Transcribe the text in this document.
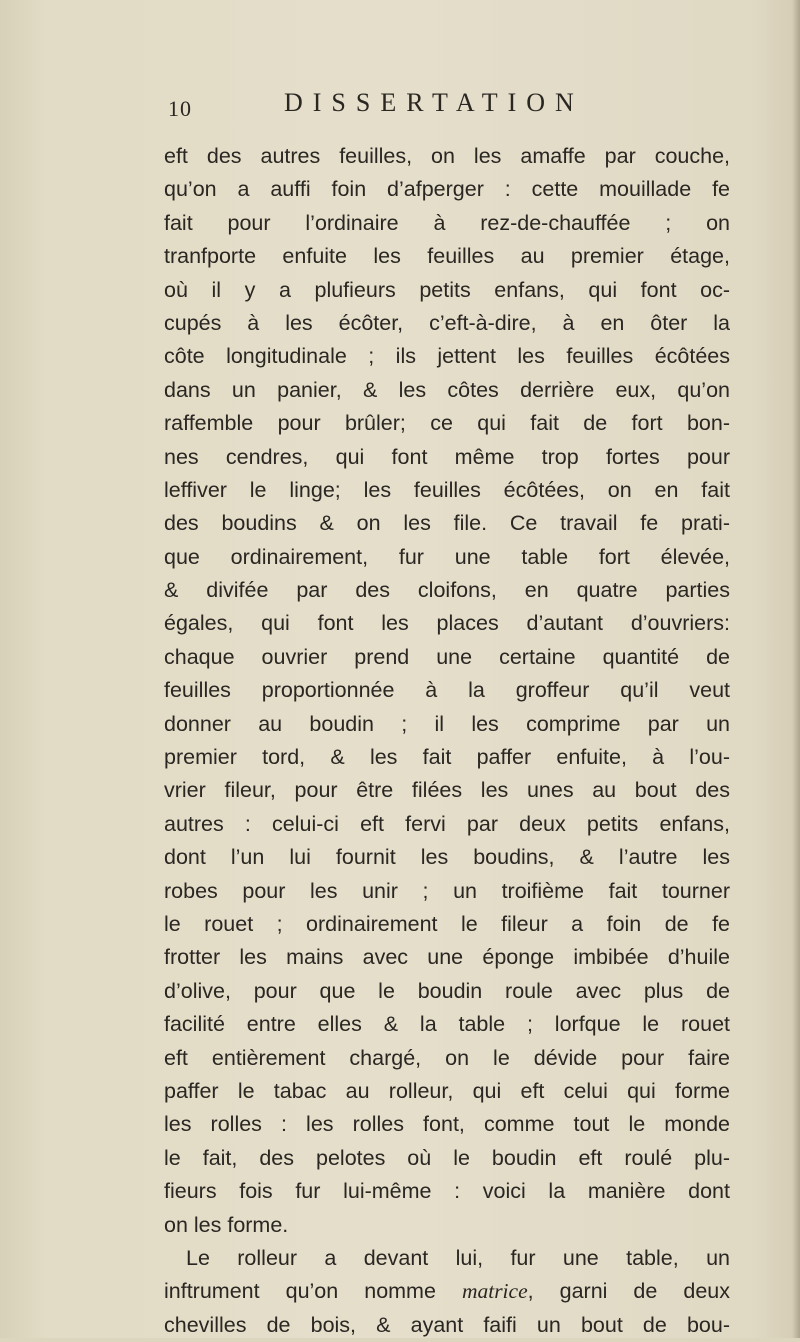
10	DISSERTATION
eft des autres feuilles, on les amaffe par couche,
qu’on a auffi foin d’afperger : cette mouillade fe
fait pour l’ordinaire à rez-de-chauffée ; on
tranfporte enfuite les feuilles au premier étage,
où il y a plufieurs petits enfans, qui font oc-
cupés à les écôter, c’eft-à-dire, à en ôter la
côte longitudinale ; ils jettent les feuilles écôtées
dans un panier, & les côtes derrière eux, qu’on
raffemble pour brûler; ce qui fait de fort bon-
nes cendres, qui font même trop fortes pour
leffiver le linge; les feuilles écôtées, on en fait
des boudins & on les file. Ce travail fe prati-
que ordinairement, fur une table fort élevée,
& divifée par des cloifons, en quatre parties
égales, qui font les places d’autant d’ouvriers:
chaque ouvrier prend une certaine quantité de
feuilles proportionnée à la groffeur qu’il veut
donner au boudin ; il les comprime par un
premier tord, & les fait paffer enfuite, à l’ou-
vrier fileur, pour être filées les unes au bout des
autres : celui-ci eft fervi par deux petits enfans,
dont l’un lui fournit les boudins, & l’autre les
robes pour les unir ; un troifième fait tourner
le rouet ; ordinairement le fileur a foin de fe
frotter les mains avec une éponge imbibée d’huile
d’olive, pour que le boudin roule avec plus de
facilité entre elles & la table ; lorfque le rouet
eft entièrement chargé, on le dévide pour faire
paffer le tabac au rolleur, qui eft celui qui forme
les rolles : les rolles font, comme tout le monde
le fait, des pelotes où le boudin eft roulé plu-
fieurs fois fur lui-même : voici la manière dont
on les forme.
Le rolleur a devant lui, fur une table, un
inftrument qu’on nomme matrice, garni de deux
chevilles de bois, & ayant faifi un bout de bou-
